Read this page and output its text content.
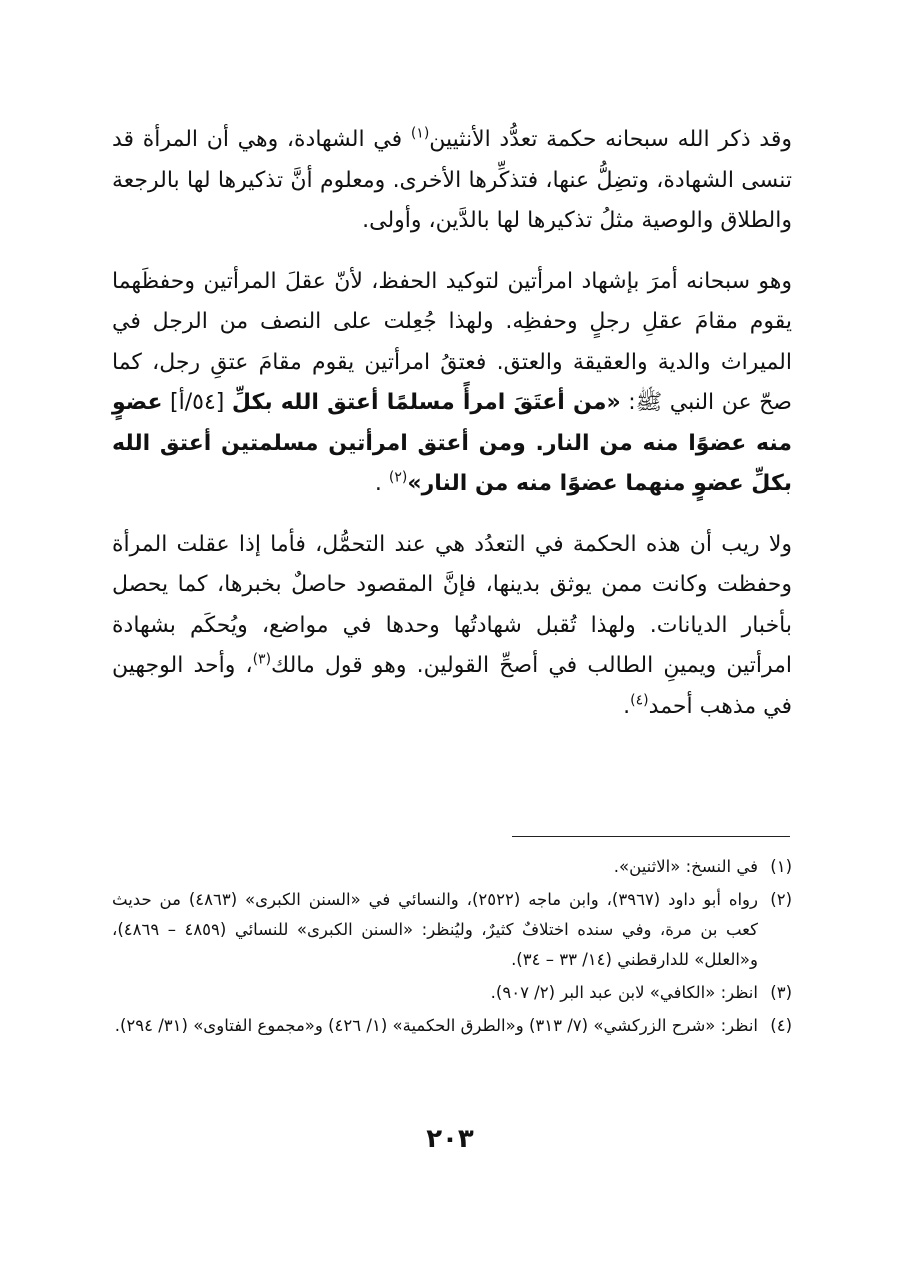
وقد ذكر الله سبحانه حكمة تعدُّد الأنثيين$^{(١)}$ في الشهادة، وهي أن المرأة قد تنسى الشهادة، وتضِلُّ عنها، فتذكِّرها الأخرى. ومعلوم أنَّ تذكيرها لها بالرجعة والطلاق والوصية مثلُ تذكيرها لها بالدَّين، وأولى.

وهو سبحانه أمرَ بإشهاد امرأتين لتوكيد الحفظ، لأنّ عقلَ المرأتين وحفظَهما يقوم مقامَ عقلِ رجلٍ وحفظِه. ولهذا جُعِلت على النصف من الرجل في الميراث والدية والعقيقة والعتق. فعتقُ امرأتين يقوم مقامَ عتقِ رجل، كما صحّ عن النبي ﷺ: «من أعتَقَ امرأً مسلمًا أعتق الله بكلِّ [٥٤/أ] عضوٍ منه عضوًا منه من النار. ومن أعتق امرأتين مسلمتين أعتق الله بكلِّ عضوٍ منهما عضوًا منه من النار»$^{(٢)}$ .

ولا ريب أن هذه الحكمة في التعدُد هي عند التحمُّل، فأما إذا عقلت المرأة وحفظت وكانت ممن يوثق بدينها، فإنَّ المقصود حاصلٌ بخبرها، كما يحصل بأخبار الديانات. ولهذا تُقبل شهادتُها وحدها في مواضع، ويُحكَم بشهادة امرأتين ويمينِ الطالب في أصحِّ القولين. وهو قول مالك$^{(٣)}$، وأحد الوجهين في مذهب أحمد$^{(٤)}$.

(١)
في النسخ: «الاثنين».
(٢)
رواه أبو داود (٣٩٦٧)، وابن ماجه (٢٥٢٢)، والنسائي في «السنن الكبرى» (٤٨٦٣) من حديث كعب بن مرة، وفي سنده اختلافٌ كثيرٌ، وليُنظر: «السنن الكبرى» للنسائي (٤٨٥٩ – ٤٨٦٩)، و«العلل» للدارقطني (١٤/ ٣٣ – ٣٤).
(٣)
انظر: «الكافي» لابن عبد البر (٢/ ٩٠٧).
(٤)
انظر: «شرح الزركشي» (٧/ ٣١٣) و«الطرق الحكمية» (١/ ٤٢٦) و«مجموع الفتاوى» (٣١/ ٢٩٤).
٢٠٣
